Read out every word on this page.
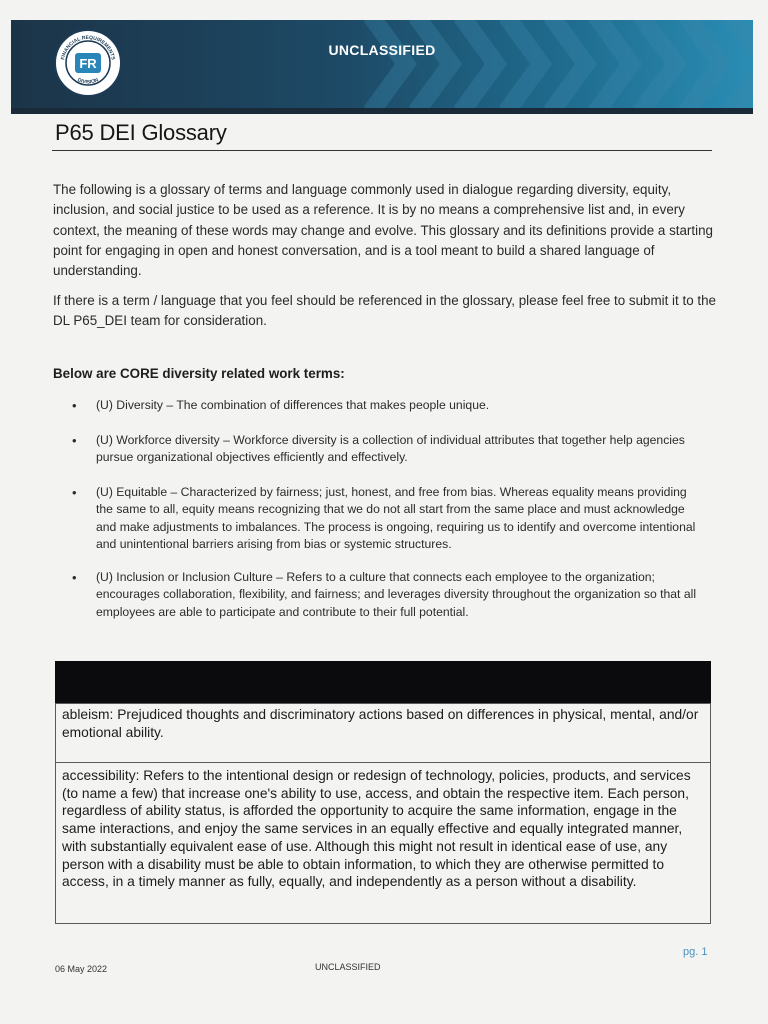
FINANCIAL REQUIREMENTS
DIVISION
FR
UNCLASSIFIED
P65 DEI Glossary

The following is a glossary of terms and language commonly used in dialogue regarding diversity, equity, inclusion, and social justice to be used as a reference. It is by no means a comprehensive list and, in every context, the meaning of these words may change and evolve. This glossary and its definitions provide a starting point for engaging in open and honest conversation, and is a tool meant to build a shared language of understanding.

If there is a term / language that you feel should be referenced in the glossary, please feel free to submit it to the DL P65_DEI team for consideration.

Below are CORE diversity related work terms:
•	(U) Diversity – The combination of differences that makes people unique.
•	(U) Workforce diversity – Workforce diversity is a collection of individual attributes that together help agencies pursue organizational objectives efficiently and effectively.
•	(U) Equitable – Characterized by fairness; just, honest, and free from bias. Whereas equality means providing the same to all, equity means recognizing that we do not all start from the same place and must acknowledge and make adjustments to imbalances. The process is ongoing, requiring us to identify and overcome intentional and unintentional barriers arising from bias or systemic structures.
•	(U) Inclusion or Inclusion Culture – Refers to a culture that connects each employee to the organization; encourages collaboration, flexibility, and fairness; and leverages diversity throughout the organization so that all employees are able to participate and contribute to their full potential.
ableism: Prejudiced thoughts and discriminatory actions based on differences in physical, mental, and/or emotional ability.
accessibility: Refers to the intentional design or redesign of technology, policies, products, and services (to name a few) that increase one's ability to use, access, and obtain the respective item. Each person, regardless of ability status, is afforded the opportunity to acquire the same information, engage in the same interactions, and enjoy the same services in an equally effective and equally integrated manner, with substantially equivalent ease of use. Although this might not result in identical ease of use, any person with a disability must be able to obtain information, to which they are otherwise permitted to access, in a timely manner as fully, equally, and independently as a person without a disability.
pg. 1
06 May 2022	UNCLASSIFIED
